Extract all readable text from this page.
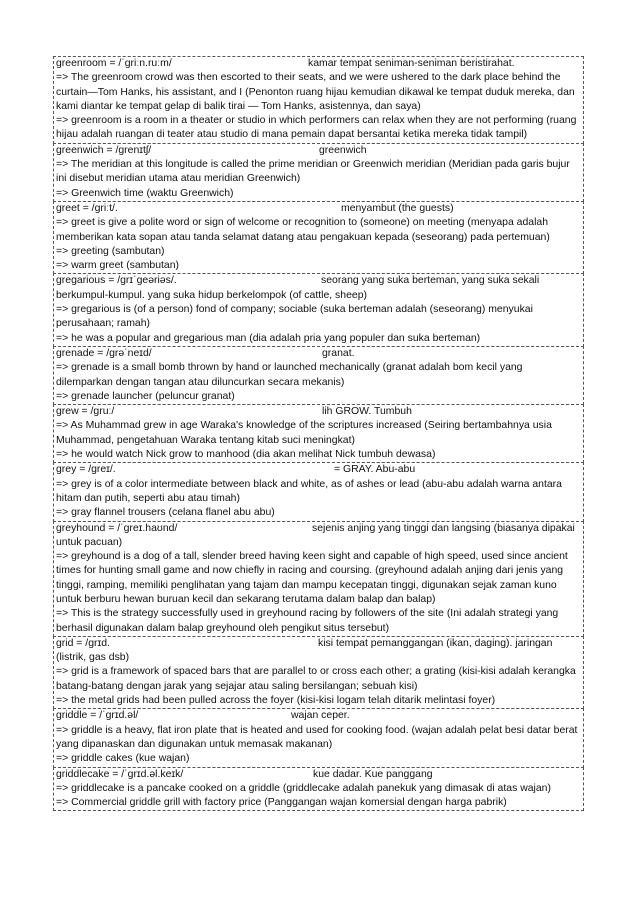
greenroom = /ˈɡriːn.ruːm/	kamar tempat seniman-seniman beristirahat.
=> The greenroom crowd was then escorted to their seats, and we were ushered to the dark place behind the curtain—Tom Hanks, his assistant, and I (Penonton ruang hijau kemudian dikawal ke tempat duduk mereka, dan kami diantar ke tempat gelap di balik tirai — Tom Hanks, asistennya, dan saya)
=> greenroom is a room in a theater or studio in which performers can relax when they are not performing (ruang hijau adalah ruangan di teater atau studio di mana pemain dapat bersantai ketika mereka tidak tampil)
greenwich = /ɡrenɪtʃ/	greenwich
=> The meridian at this longitude is called the prime meridian or Greenwich meridian (Meridian pada garis bujur ini disebut meridian utama atau meridian Greenwich)
=> Greenwich time (waktu Greenwich)
greet = /ɡriːt/.	menyambut (the guests)
=> greet is give a polite word or sign of welcome or recognition to (someone) on meeting (menyapa adalah memberikan kata sopan atau tanda selamat datang atau pengakuan kepada (seseorang) pada pertemuan)
=> greeting (sambutan)
=> warm greet (sambutan)
gregarious = /ɡrɪˈɡeəriəs/.	seorang yang suka berteman, yang suka sekali berkumpul-kumpul. yang suka hidup berkelompok (of cattle, sheep)
=> gregarious is (of a person) fond of company; sociable (suka berteman adalah (seseorang) menyukai perusahaan; ramah)
=> he was a popular and gregarious man (dia adalah pria yang populer dan suka berteman)
grenade = /ɡrəˈneɪd/	granat.
=> grenade is a small bomb thrown by hand or launched mechanically (granat adalah bom kecil yang dilemparkan dengan tangan atau diluncurkan secara mekanis)
=> grenade launcher (peluncur granat)
grew = /ɡruː/	lih GROW. Tumbuh
=> As Muhammad grew in age Waraka's knowledge of the scriptures increased (Seiring bertambahnya usia Muhammad, pengetahuan Waraka tentang kitab suci meningkat)
=> he would watch Nick grow to manhood (dia akan melihat Nick tumbuh dewasa)
grey = /ɡreɪ/.	= GRAY. Abu-abu
=> grey is of a color intermediate between black and white, as of ashes or lead (abu-abu adalah warna antara hitam dan putih, seperti abu atau timah)
=> gray flannel trousers (celana flanel abu abu)
greyhound = /ˈɡreɪ.haʊnd/	sejenis anjing yang tinggi dan langsing (biasanya dipakai untuk pacuan)
=> greyhound is a dog of a tall, slender breed having keen sight and capable of high speed, used since ancient times for hunting small game and now chiefly in racing and coursing. (greyhound adalah anjing dari jenis yang tinggi, ramping, memiliki penglihatan yang tajam dan mampu kecepatan tinggi, digunakan sejak zaman kuno untuk berburu hewan buruan kecil dan sekarang terutama dalam balap dan balap)
=> This is the strategy successfully used in greyhound racing by followers of the site (Ini adalah strategi yang berhasil digunakan dalam balap greyhound oleh pengikut situs tersebut)
grid = /ɡrɪd.	kisi tempat pemanggangan (ikan, daging). jaringan (listrik, gas dsb)
=> grid is a framework of spaced bars that are parallel to or cross each other; a grating (kisi-kisi adalah kerangka batang-batang dengan jarak yang sejajar atau saling bersilangan; sebuah kisi)
=> the metal grids had been pulled across the foyer (kisi-kisi logam telah ditarik melintasi foyer)
griddle = /ˈɡrɪd.əl/	wajan ceper.
=> griddle is a heavy, flat iron plate that is heated and used for cooking food. (wajan adalah pelat besi datar berat yang dipanaskan dan digunakan untuk memasak makanan)
=> griddle cakes (kue wajan)
griddlecake = /ˈɡrɪd.əl.keɪk/	kue dadar. Kue panggang
=> griddlecake is a pancake cooked on a griddle (griddlecake adalah panekuk yang dimasak di atas wajan)
=> Commercial griddle grill with factory price (Panggangan wajan komersial dengan harga pabrik)
